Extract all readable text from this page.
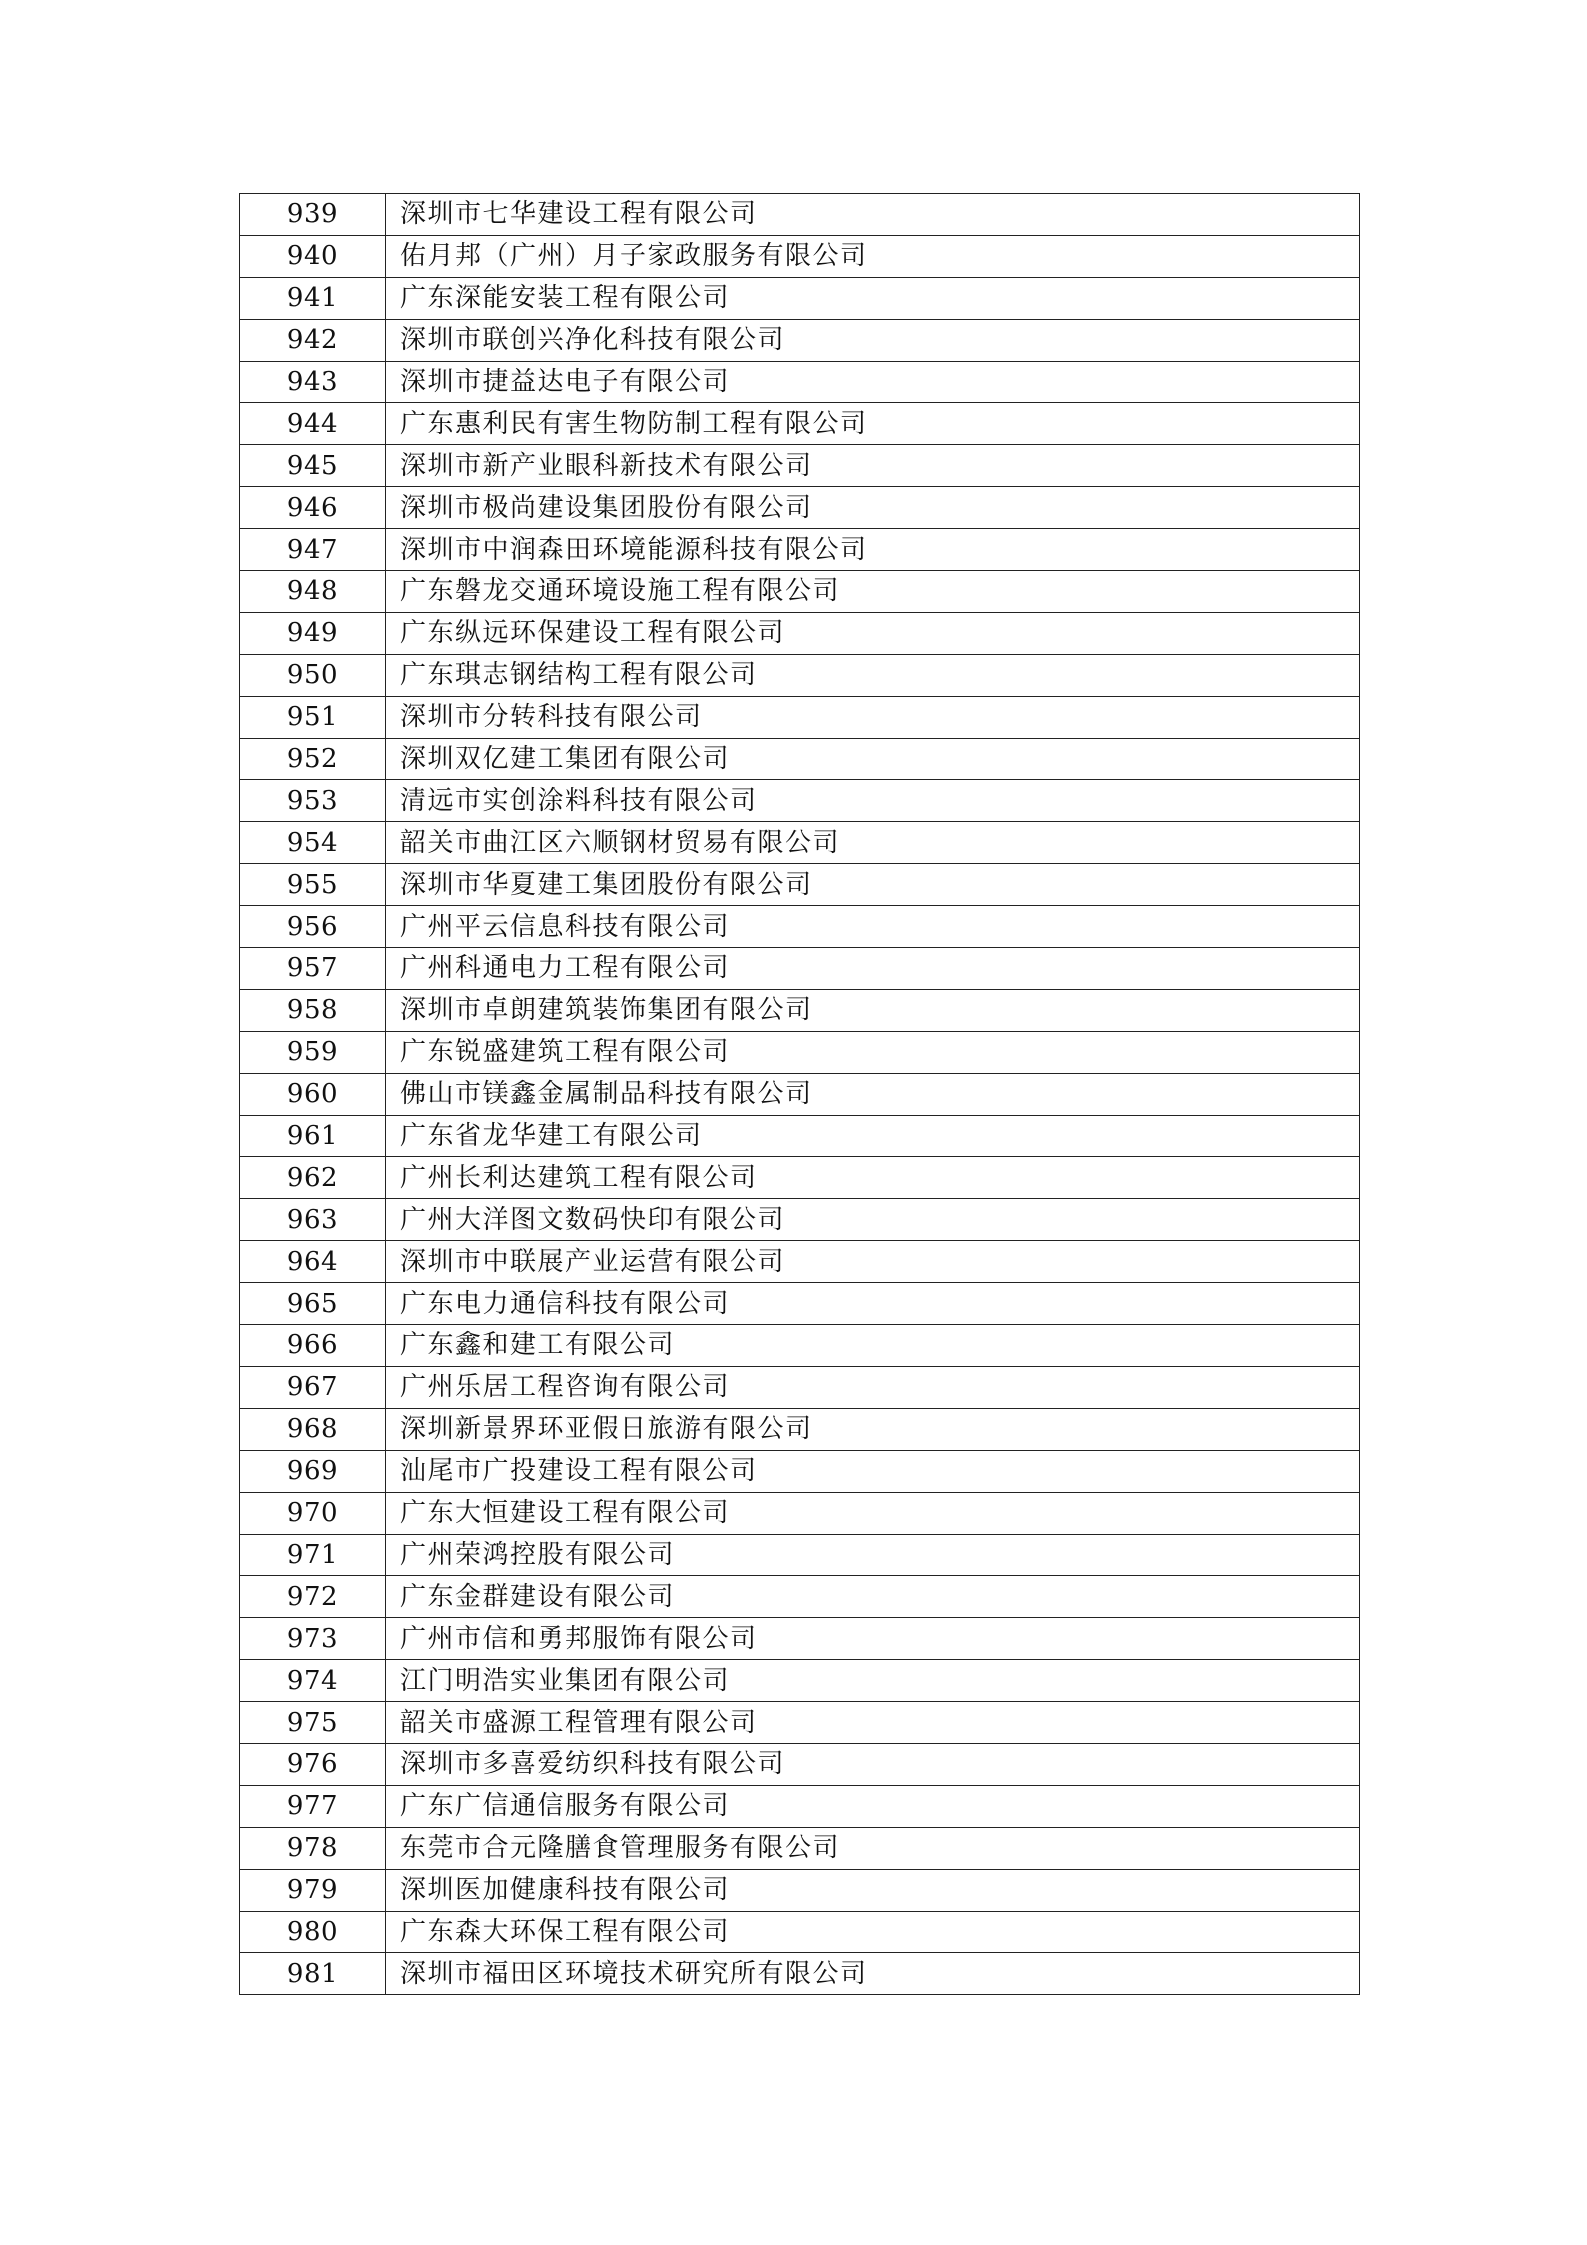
939	深圳市七华建设工程有限公司
940	佑月邦（广州）月子家政服务有限公司
941	广东深能安装工程有限公司
942	深圳市联创兴净化科技有限公司
943	深圳市捷益达电子有限公司
944	广东惠利民有害生物防制工程有限公司
945	深圳市新产业眼科新技术有限公司
946	深圳市极尚建设集团股份有限公司
947	深圳市中润森田环境能源科技有限公司
948	广东磐龙交通环境设施工程有限公司
949	广东纵远环保建设工程有限公司
950	广东琪志钢结构工程有限公司
951	深圳市分转科技有限公司
952	深圳双亿建工集团有限公司
953	清远市实创涂料科技有限公司
954	韶关市曲江区六顺钢材贸易有限公司
955	深圳市华夏建工集团股份有限公司
956	广州平云信息科技有限公司
957	广州科通电力工程有限公司
958	深圳市卓朗建筑装饰集团有限公司
959	广东锐盛建筑工程有限公司
960	佛山市镁鑫金属制品科技有限公司
961	广东省龙华建工有限公司
962	广州长利达建筑工程有限公司
963	广州大洋图文数码快印有限公司
964	深圳市中联展产业运营有限公司
965	广东电力通信科技有限公司
966	广东鑫和建工有限公司
967	广州乐居工程咨询有限公司
968	深圳新景界环亚假日旅游有限公司
969	汕尾市广投建设工程有限公司
970	广东大恒建设工程有限公司
971	广州荣鸿控股有限公司
972	广东金群建设有限公司
973	广州市信和勇邦服饰有限公司
974	江门明浩实业集团有限公司
975	韶关市盛源工程管理有限公司
976	深圳市多喜爱纺织科技有限公司
977	广东广信通信服务有限公司
978	东莞市合元隆膳食管理服务有限公司
979	深圳医加健康科技有限公司
980	广东森大环保工程有限公司
981	深圳市福田区环境技术研究所有限公司
